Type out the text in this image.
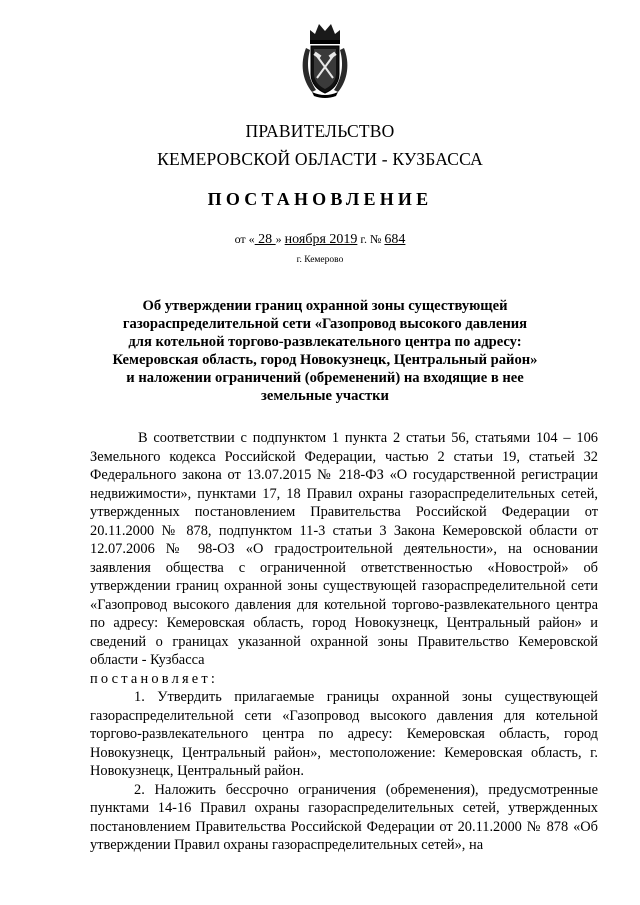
ПРАВИТЕЛЬСТВО
КЕМЕРОВСКОЙ ОБЛАСТИ - КУЗБАССА
ПОСТАНОВЛЕНИЕ
от « 28 » ноября 2019 г. № 684
г. Кемерово
Об утверждении границ охранной зоны существующей газораспределительной сети «Газопровод высокого давления для котельной торгово-развлекательного центра по адресу: Кемеровская область, город Новокузнецк, Центральный район» и наложении ограничений (обременений) на входящие в нее земельные участки

В соответствии с подпунктом 1 пункта 2 статьи 56, статьями 104 – 106 Земельного кодекса Российской Федерации, частью 2 статьи 19, статьей 32 Федерального закона от 13.07.2015 № 218-ФЗ «О государственной регистрации недвижимости», пунктами 17, 18 Правил охраны газораспределительных сетей, утвержденных постановлением Правительства Российской Федерации от 20.11.2000 № 878, подпунктом 11-3 статьи 3 Закона Кемеровской области от 12.07.2006 № 98-ОЗ «О градостроительной деятельности», на основании заявления общества с ограниченной ответственностью «Новострой» об утверждении границ охранной зоны существующей газораспределительной сети «Газопровод высокого давления для котельной торгово-развлекательного центра по адресу: Кемеровская область, город Новокузнецк, Центральный район» и сведений о границах указанной охранной зоны Правительство Кемеровской области - Кузбасса

постановляет:

1. Утвердить прилагаемые границы охранной зоны существующей газораспределительной сети «Газопровод высокого давления для котельной торгово-развлекательного центра по адресу: Кемеровская область, город Новокузнецк, Центральный район», местоположение: Кемеровская область, г. Новокузнецк, Центральный район.

2. Наложить бессрочно ограничения (обременения), предусмотренные пунктами 14-16 Правил охраны газораспределительных сетей, утвержденных постановлением Правительства Российской Федерации от 20.11.2000 № 878 «Об утверждении Правил охраны газораспределительных сетей», на
